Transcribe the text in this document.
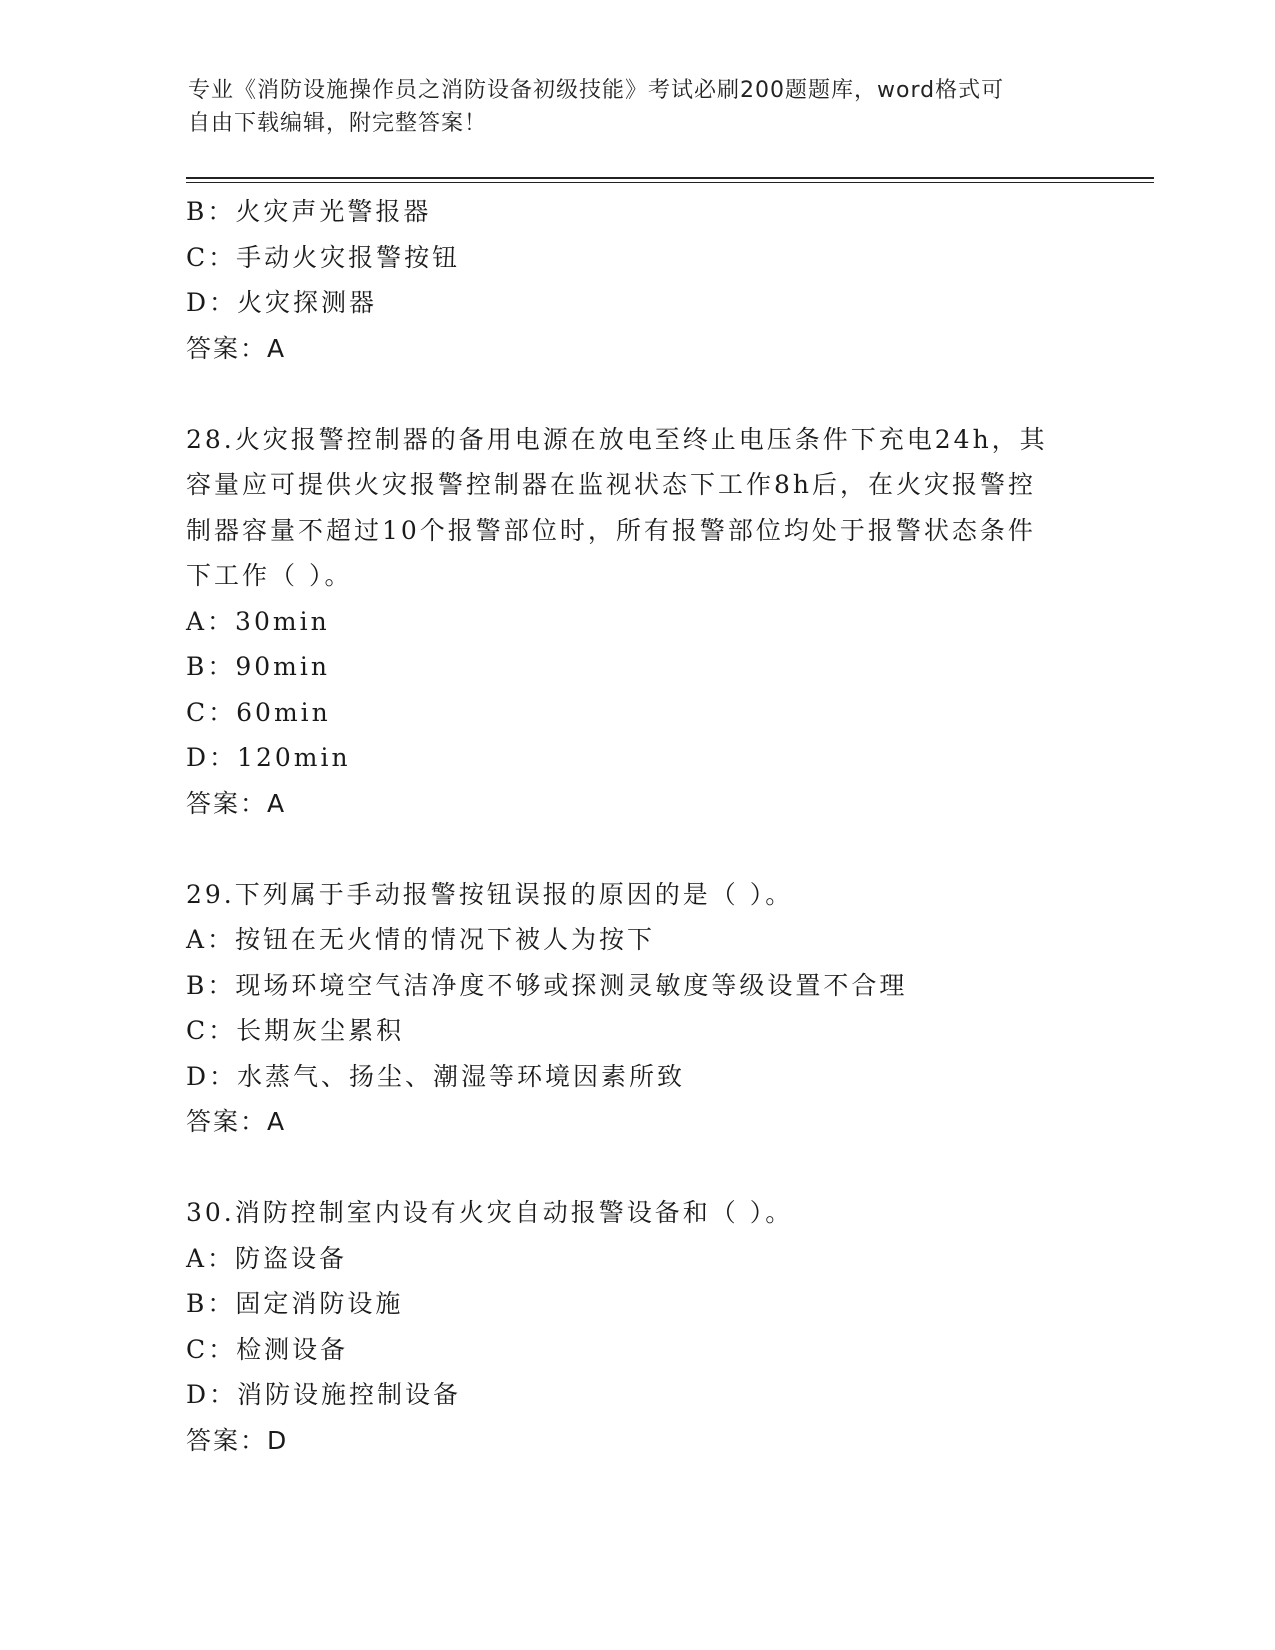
专业《消防设施操作员之消防设备初级技能》考试必刷200题题库，word格式可
自由下载编辑，附完整答案！
B：火灾声光警报器
C：手动火灾报警按钮
D：火灾探测器
答案：A
28.火灾报警控制器的备用电源在放电至终止电压条件下充电24h，其
容量应可提供火灾报警控制器在监视状态下工作8h后，在火灾报警控
制器容量不超过10个报警部位时，所有报警部位均处于报警状态条件
下工作（ ）。
A：30min
B：90min
C：60min
D：120min
答案：A
29.下列属于手动报警按钮误报的原因的是（ ）。
A：按钮在无火情的情况下被人为按下
B：现场环境空气洁净度不够或探测灵敏度等级设置不合理
C：长期灰尘累积
D：水蒸气、扬尘、潮湿等环境因素所致
答案：A
30.消防控制室内设有火灾自动报警设备和（ ）。
A：防盗设备
B：固定消防设施
C：检测设备
D：消防设施控制设备
答案：D
